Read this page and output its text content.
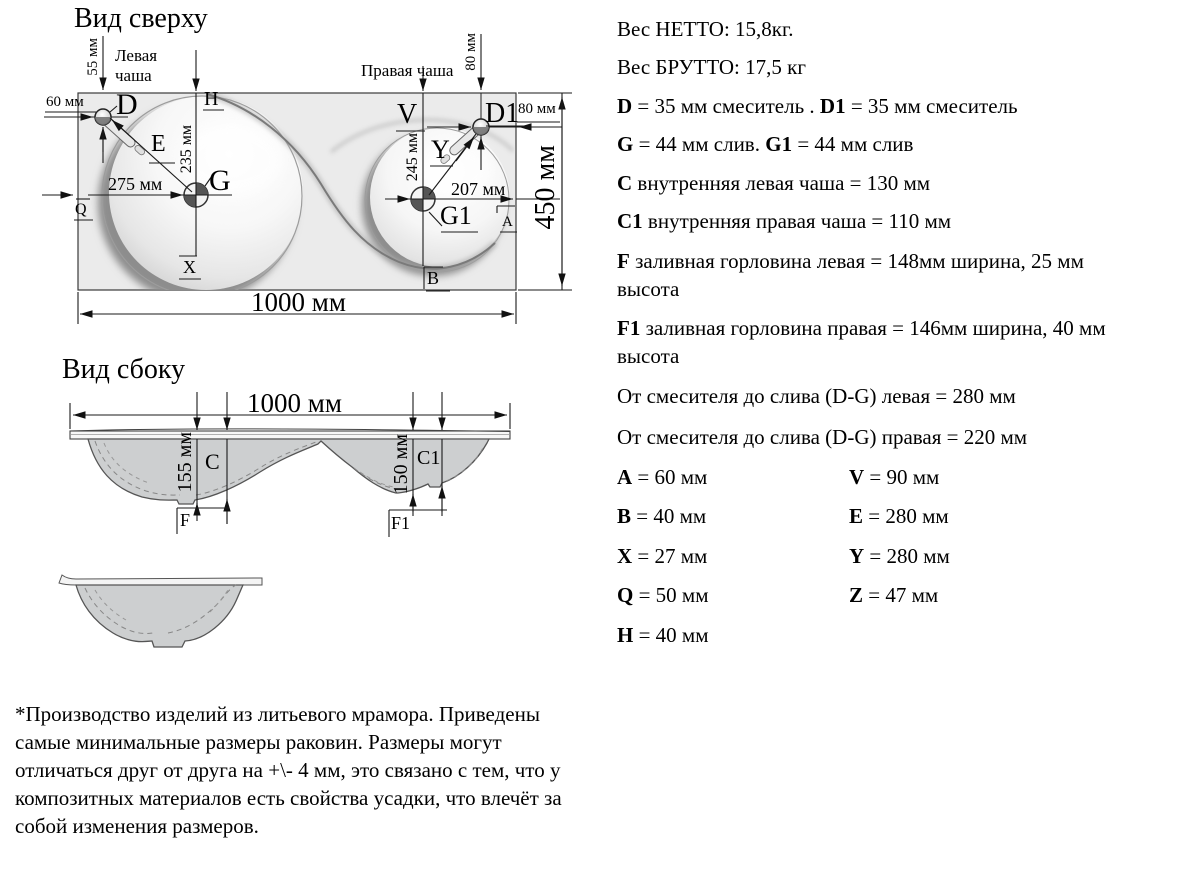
Вид сверху
55 мм Левая чаша
60 мм D	H
Правая чаша 80 мм
V D1
80 мм
E 235 мм	245 мм Y
275 мм G	207 мм
G1
Q
A
X
B
450 мм
1000 мм
Вид сбоку
1000 мм
155 мм C	150 мм C1
F	F1
Вес НЕТТО: 15,8кг.
Вес БРУТТО: 17,5 кг
D = 35 мм смеситель . D1 = 35 мм смеситель
G = 44 мм слив. G1 = 44 мм слив
C внутренняя левая чаша = 130 мм
C1 внутренняя правая чаша = 110 мм
F заливная горловина левая = 148мм ширина, 25 мм
высота
F1 заливная горловина правая = 146мм ширина, 40 мм
высота
От смесителя до слива (D-G) левая = 280 мм
От смесителя до слива (D-G) правая = 220 мм
A = 60 мм	V = 90 мм
B = 40 мм	E = 280 мм
X = 27 мм	Y = 280 мм
Q = 50 мм	Z = 47 мм
H = 40 мм
*Производство изделий из литьевого мрамора. Приведены
самые минимальные размеры раковин. Размеры могут
отличаться друг от друга на +\- 4 мм, это связано с тем, что у
композитных материалов есть свойства усадки, что влечёт за
собой изменения размеров.
